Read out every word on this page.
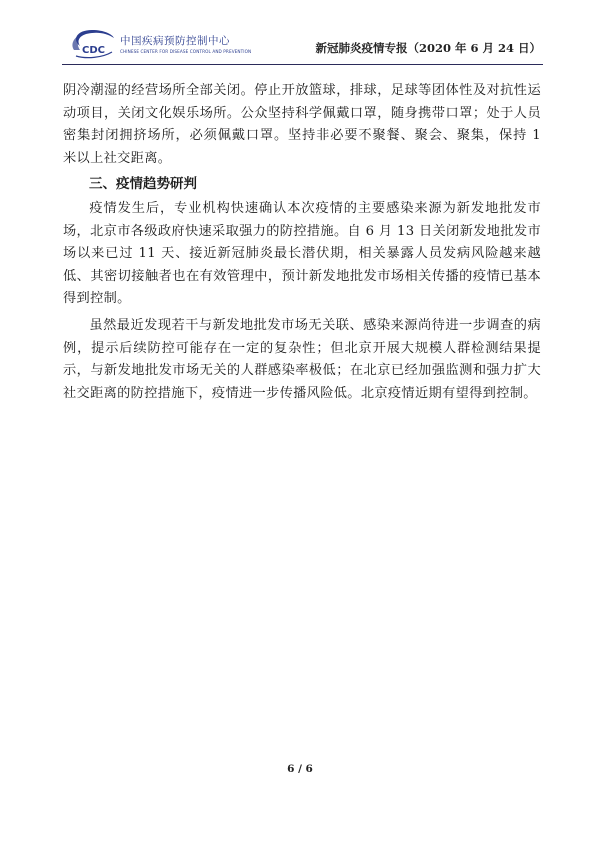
CDC
中国疾病预防控制中心
CHINESE CENTER FOR DISEASE CONTROL AND PREVENTION	新冠肺炎疫情专报（2020 年 6 月 24 日）

阴冷潮湿的经营场所全部关闭。停止开放篮球，排球，足球等团体性及对抗性运动项目，关闭文化娱乐场所。公众坚持科学佩戴口罩，随身携带口罩；处于人员密集封闭拥挤场所，必须佩戴口罩。坚持非必要不聚餐、聚会、聚集，保持 1 米以上社交距离。

三、疫情趋势研判

疫情发生后，专业机构快速确认本次疫情的主要感染来源为新发地批发市场，北京市各级政府快速采取强力的防控措施。自 6 月 13 日关闭新发地批发市场以来已过 11 天、接近新冠肺炎最长潜伏期，相关暴露人员发病风险越来越低、其密切接触者也在有效管理中，预计新发地批发市场相关传播的疫情已基本得到控制。

虽然最近发现若干与新发地批发市场无关联、感染来源尚待进一步调查的病例，提示后续防控可能存在一定的复杂性；但北京开展大规模人群检测结果提示，与新发地批发市场无关的人群感染率极低；在北京已经加强监测和强力扩大社交距离的防控措施下，疫情进一步传播风险低。北京疫情近期有望得到控制。

6 / 6
